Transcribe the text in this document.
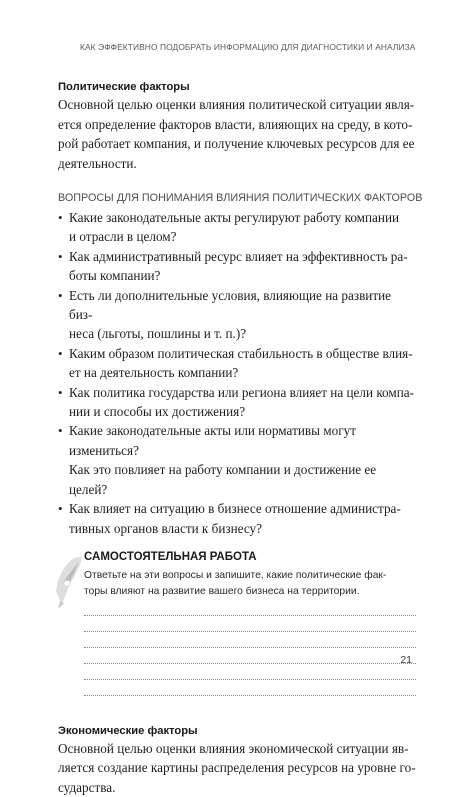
КАК ЭФФЕКТИВНО ПОДОБРАТЬ ИНФОРМАЦИЮ ДЛЯ ДИАГНОСТИКИ И АНАЛИЗА
Политические факторы

Основной целью оценки влияния политической ситуации явля-
ется определение факторов власти, влияющих на среду, в кото-
рой работает компания, и получение ключевых ресурсов для ее
деятельности.

ВОПРОСЫ ДЛЯ ПОНИМАНИЯ ВЛИЯНИЯ ПОЛИТИЧЕСКИХ ФАКТОРОВ
• Какие законодательные акты регулируют работу компании
и отрасли в целом?
• Как административный ресурс влияет на эффективность ра-
боты компании?
• Есть ли дополнительные условия, влияющие на развитие биз-
неса (льготы, пошлины и т. п.)?
• Каким образом политическая стабильность в обществе влия-
ет на деятельность компании?
• Как политика государства или региона влияет на цели компа-
нии и способы их достижения?
• Какие законодательные акты или нормативы могут измениться?
Как это повлияет на работу компании и достижение ее целей?
• Как влияет на ситуацию в бизнесе отношение администра-
тивных органов власти к бизнесу?
САМОСТОЯТЕЛЬНАЯ РАБОТА

Ответьте на эти вопросы и запишите, какие политические фак-
торы влияют на развитие вашего бизнеса на территории.

Экономические факторы

Основной целью оценки влияния экономической ситуации яв-
ляется создание картины распределения ресурсов на уровне го-
сударства.

21
